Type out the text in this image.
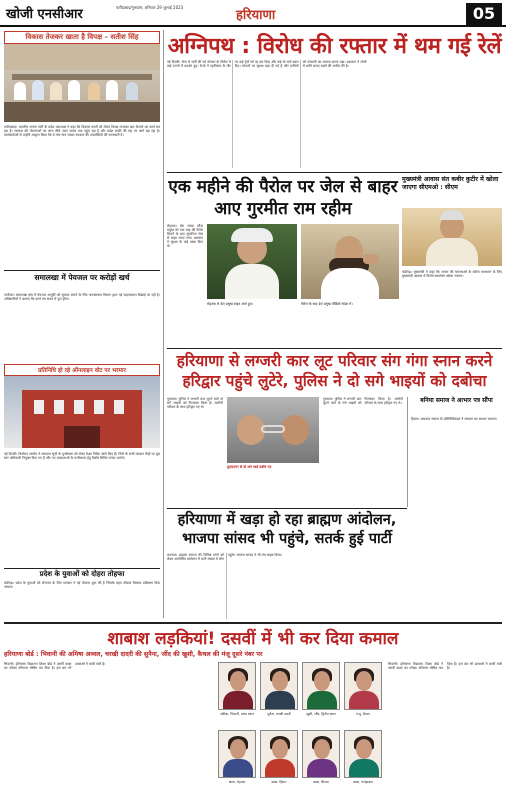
खोजी एनसीआर	फरीदाबाद/गुरुग्राम, शनिवार 29 जुलाई 2023
हरियाणा	05
विकास तेजकर खाता है विपक्ष – सतीश सिंह
फरीदाबाद। भारतीय जनता पार्टी के प्रदेश उपाध्यक्ष ने कहा कि विकास कार्यों को लेकर विपक्ष लगातार भ्रम फैलाने का कार्य कर रहा है। सरकार की योजनाओं का लाभ सीधे आम जनता तक पहुंच रहा है और प्रदेश प्रगति की राह पर आगे बढ़ रहा है। कार्यकर्ताओं से उन्होंने आह्वान किया कि वे गांव-गांव जाकर सरकार की उपलब्धियों की जानकारी दें।
समालखा में पेयजल पर करोड़ों खर्च
पानीपत। समालखा क्षेत्र में पेयजल आपूर्ति को सुचारू बनाने के लिए जनस्वास्थ्य विभाग द्वारा नई पाइपलाइन बिछाई जा रही है। अधिकारियों ने बताया कि कार्य तय समय में पूरा होगा।
प्रतिनिधि हो रहे ऑनलाइन वोट पर भरमार
नई दिल्ली। निर्वाचन आयोग ने मतदाता सूची के पुनरीक्षण को लेकर दिशा निर्देश जारी किए हैं। जिले के सभी मतदान केंद्रों पर बूथ स्तर अधिकारी नियुक्त किए गए हैं और नए मतदाताओं के पंजीकरण हेतु विशेष शिविर लगाए जाएंगे।
प्रदेश के युवाओं को दोहरा तोहफा
चंडीगढ़। प्रदेश के युवाओं को रोजगार के लिए सरकार ने नई योजना शुरू की है जिसके तहत कौशल विकास प्रशिक्षण दिया जाएगा।
अग्निपथ : विरोध की रफ्तार में थम गई रेलें
नई दिल्ली। सेना में भर्ती की नई योजना के विरोध में कई राज्यों में प्रदर्शन हुए। रेलवे ने एहतियात के तौर पर कई ट्रेनों को रद्द कर दिया और कई के मार्ग बदल दिए। स्टेशनों पर सुरक्षा बढ़ा दी गई है और यात्रियों को परेशानी का सामना करना पड़ा। प्रशासन ने लोगों से शांति बनाए रखने की अपील की है।
एक महीने की पैरोल पर जेल से बाहर आए गुरमीत राम रहीम
रोहतक। डेरा सच्चा सौदा प्रमुख को एक माह की पैरोल मिलने के बाद सुनारिया जेल से बाहर लाया गया। प्रशासन ने सुरक्षा के कड़े प्रबंध किए थे।
रोहतक से डेरा प्रमुख बाहर आते हुए।	पैरोल के बाद डेरा प्रमुख वीडियो संदेश में।
मुख्यमंत्री आवास संत कबीर कुटीर में खोला जाएगा सीएमओ : सीएम
चंडीगढ़। मुख्यमंत्री ने कहा कि जनता की समस्याओं के त्वरित समाधान के लिए मुख्यमंत्री आवास में विशेष कार्यालय खोला जाएगा।
हरियाणा से लग्जरी कार लूट परिवार संग गंगा स्नान करने हरिद्वार पहुंचे लुटेरे, पुलिस ने दो सगे भाइयों को दबोचा
गुरुग्राम। पुलिस ने लग्जरी कार लूटने वाले दो सगे भाइयों को गिरफ्तार किया है। आरोपी परिवार के साथ हरिद्वार गए थे।
मुरादनगर से दो सगे भाई दबोचे गए
गुरुग्राम। पुलिस ने लग्जरी कार लूटने वाले दो सगे भाइयों को गिरफ्तार किया है। आरोपी परिवार के साथ हरिद्वार गए थे।	बनिया समाज ने आभार पत्र सौंपा
हिसार। अग्रवाल समाज के प्रतिनिधिमंडल ने सरकार का आभार जताया।
हरियाणा में खड़ा हो रहा ब्राह्मण आंदोलन, भाजपा सांसद भी पहुंचे, सतर्क हुई पार्टी
करनाल। ब्राह्मण समाज की विभिन्न मांगों को लेकर आयोजित सम्मेलन में भारी संख्या में लोग पहुंचे। भाजपा सांसद ने भी मंच साझा किया।
शाबाश लड़कियां! दसवीं में भी कर दिया कमाल
हरियाणा बोर्ड : भिवानी की अमिषा अव्वल, चरखी दादरी की सुनैना, जींद की खुशी, कैथल की मंजू दूसरे नंबर पर
भिवानी। हरियाणा विद्यालय शिक्षा बोर्ड ने दसवीं कक्षा का परीक्षा परिणाम घोषित कर दिया है। इस बार भी छात्राओं ने बाजी मारी है।
अमिषा, भिवानी, प्रथम स्थान	सुनैना, चरखी दादरी	खुशी, जींद, द्वितीय स्थान	मंजू, कैथल
छात्रा, रोहतक	छात्रा, हिसार	छात्रा, सिरसा	छात्रा, फतेहाबाद
भिवानी। हरियाणा विद्यालय शिक्षा बोर्ड ने दसवीं कक्षा का परीक्षा परिणाम घोषित कर दिया है। इस बार भी छात्राओं ने बाजी मारी है।
